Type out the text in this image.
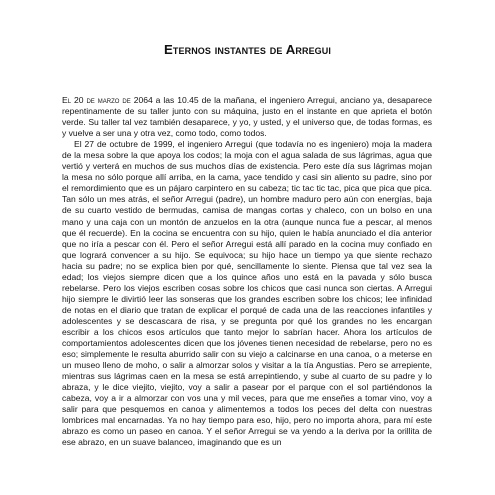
Eternos instantes de Arregui

El 20 de marzo de 2064 a las 10.45 de la mañana, el ingeniero Arregui, anciano ya, desaparece repentinamente de su taller junto con su máquina, justo en el instante en que aprieta el botón verde. Su taller tal vez también desaparece, y yo, y usted, y el universo que, de todas formas, es y vuelve a ser una y otra vez, como todo, como todos.

El 27 de octubre de 1999, el ingeniero Arregui (que todavía no es ingeniero) moja la madera de la mesa sobre la que apoya los codos; la moja con el agua salada de sus lágrimas, agua que vertió y verterá en muchos de sus muchos días de existencia. Pero este día sus lágrimas mojan la mesa no sólo porque allí arriba, en la cama, yace tendido y casi sin aliento su padre, sino por el remordimiento que es un pájaro carpintero en su cabeza; tic tac tic tac, pica que pica que pica. Tan sólo un mes atrás, el señor Arregui (padre), un hombre maduro pero aún con energías, baja de su cuarto vestido de bermudas, camisa de mangas cortas y chaleco, con un bolso en una mano y una caja con un montón de anzuelos en la otra (aunque nunca fue a pescar, al menos que él recuerde). En la cocina se encuentra con su hijo, quien le había anunciado el día anterior que no iría a pescar con él. Pero el señor Arregui está allí parado en la cocina muy confiado en que logrará convencer a su hijo. Se equivoca; su hijo hace un tiempo ya que siente rechazo hacia su padre; no se explica bien por qué, sencillamente lo siente. Piensa que tal vez sea la edad; los viejos siempre dicen que a los quince años uno está en la pavada y sólo busca rebelarse. Pero los viejos escriben cosas sobre los chicos que casi nunca son ciertas. A Arregui hijo siempre le divirtió leer las sonseras que los grandes escriben sobre los chicos; lee infinidad de notas en el diario que tratan de explicar el porqué de cada una de las reacciones infantiles y adolescentes y se descascara de risa, y se pregunta por qué los grandes no les encargan escribir a los chicos esos artículos que tanto mejor lo sabrían hacer. Ahora los artículos de comportamientos adolescentes dicen que los jóvenes tienen necesidad de rebelarse, pero no es eso; simplemente le resulta aburrido salir con su viejo a calcinarse en una canoa, o a meterse en un museo lleno de moho, o salir a almorzar solos y visitar a la tía Angustias. Pero se arrepiente, mientras sus lágrimas caen en la mesa se está arrepintiendo, y sube al cuarto de su padre y lo abraza, y le dice viejito, viejito, voy a salir a pasear por el parque con el sol partiéndonos la cabeza, voy a ir a almorzar con vos una y mil veces, para que me enseñes a tomar vino, voy a salir para que pesquemos en canoa y alimentemos a todos los peces del delta con nuestras lombrices mal encarnadas. Ya no hay tiempo para eso, hijo, pero no importa ahora, para mí este abrazo es como un paseo en canoa. Y el señor Arregui se va yendo a la deriva por la orillita de ese abrazo, en un suave balanceo, imaginando que es un
